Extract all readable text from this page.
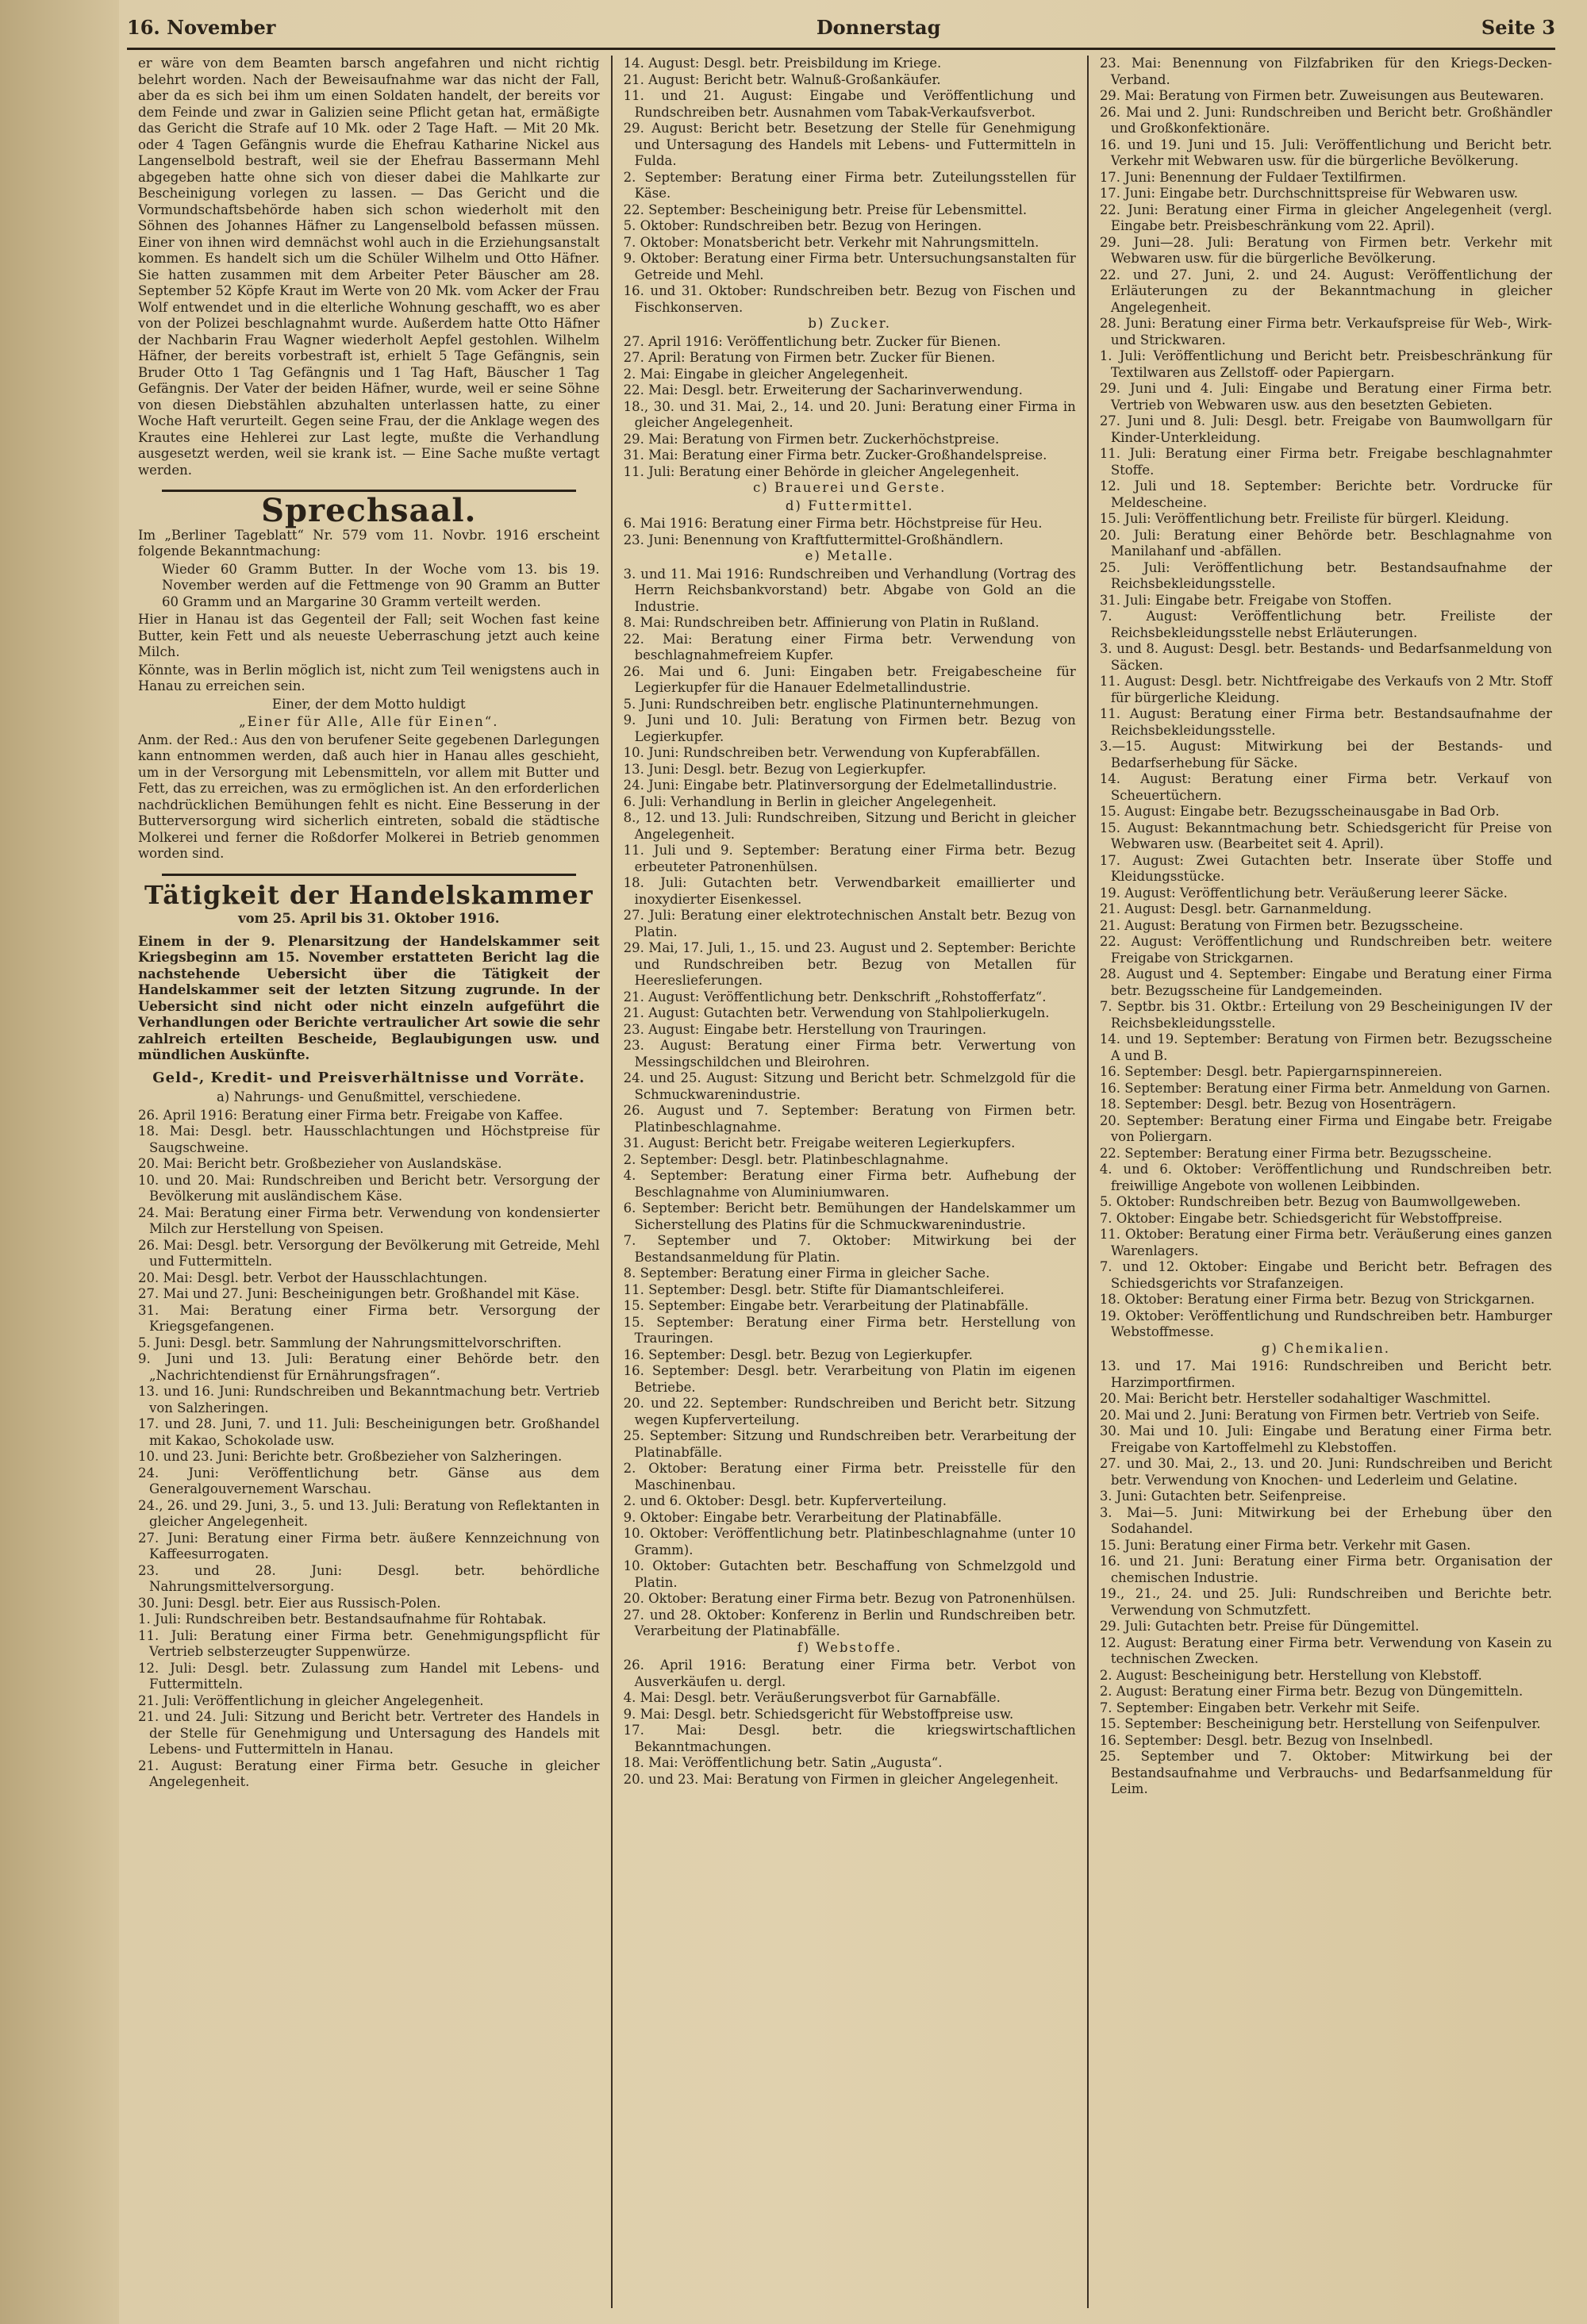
16. November	Donnerstag	Seite 3

er wäre von dem Beamten barsch angefahren und nicht richtig belehrt worden. Nach der Beweisaufnahme war das nicht der Fall, aber da es sich bei ihm um einen Soldaten handelt, der bereits vor dem Feinde und zwar in Galizien seine Pflicht getan hat, ermäßigte das Gericht die Strafe auf 10 Mk. oder 2 Tage Haft. — Mit 20 Mk. oder 4 Tagen Gefängnis wurde die Ehefrau Katharine Nickel aus Langenselbold bestraft, weil sie der Ehefrau Bassermann Mehl abgegeben hatte ohne sich von dieser dabei die Mahlkarte zur Bescheinigung vorlegen zu lassen. — Das Gericht und die Vormundschaftsbehörde haben sich schon wiederholt mit den Söhnen des Johannes Häfner zu Langenselbold befassen müssen. Einer von ihnen wird demnächst wohl auch in die Erziehungsanstalt kommen. Es handelt sich um die Schüler Wilhelm und Otto Häfner. Sie hatten zusammen mit dem Arbeiter Peter Bäuscher am 28. September 52 Köpfe Kraut im Werte von 20 Mk. vom Acker der Frau Wolf entwendet und in die elterliche Wohnung geschafft, wo es aber von der Polizei beschlagnahmt wurde. Außerdem hatte Otto Häfner der Nachbarin Frau Wagner wiederholt Aepfel gestohlen. Wilhelm Häfner, der bereits vorbestraft ist, erhielt 5 Tage Gefängnis, sein Bruder Otto 1 Tag Gefängnis und 1 Tag Haft, Bäuscher 1 Tag Gefängnis. Der Vater der beiden Häfner, wurde, weil er seine Söhne von diesen Diebstählen abzuhalten unterlassen hatte, zu einer Woche Haft verurteilt. Gegen seine Frau, der die Anklage wegen des Krautes eine Hehlerei zur Last legte, mußte die Verhandlung ausgesetzt werden, weil sie krank ist. — Eine Sache mußte vertagt werden.

Sprechsaal.

Im „Berliner Tageblatt“ Nr. 579 vom 11. Novbr. 1916 erscheint folgende Bekanntmachung:

Wieder 60 Gramm Butter. In der Woche vom 13. bis 19. November werden auf die Fettmenge von 90 Gramm an Butter 60 Gramm und an Margarine 30 Gramm verteilt werden.

Hier in Hanau ist das Gegenteil der Fall; seit Wochen fast keine Butter, kein Fett und als neueste Ueberraschung jetzt auch keine Milch.

Könnte, was in Berlin möglich ist, nicht zum Teil wenigstens auch in Hanau zu erreichen sein.

Einer, der dem Motto huldigt

„Einer für Alle, Alle für Einen“.

Anm. der Red.: Aus den von berufener Seite gegebenen Darlegungen kann entnommen werden, daß auch hier in Hanau alles geschieht, um in der Versorgung mit Lebensmitteln, vor allem mit Butter und Fett, das zu erreichen, was zu ermöglichen ist. An den erforderlichen nachdrücklichen Bemühungen fehlt es nicht. Eine Besserung in der Butterversorgung wird sicherlich eintreten, sobald die städtische Molkerei und ferner die Roßdorfer Molkerei in Betrieb genommen worden sind.

Tätigkeit der Handelskammer

vom 25. April bis 31. Oktober 1916.

Einem in der 9. Plenarsitzung der Handelskammer seit Kriegsbeginn am 15. November erstatteten Bericht lag die nachstehende Uebersicht über die Tätigkeit der Handelskammer seit der letzten Sitzung zugrunde. In der Uebersicht sind nicht oder nicht einzeln aufgeführt die Verhandlungen oder Berichte vertraulicher Art sowie die sehr zahlreich erteilten Bescheide, Beglaubigungen usw. und mündlichen Auskünfte.

Geld-, Kredit- und Preisverhältnisse und Vorräte.

a) Nahrungs- und Genußmittel, verschiedene.

26. April 1916: Beratung einer Firma betr. Freigabe von Kaffee.

18. Mai: Desgl. betr. Hausschlachtungen und Höchstpreise für Saugschweine.

20. Mai: Bericht betr. Großbezieher von Auslandskäse.

10. und 20. Mai: Rundschreiben und Bericht betr. Versorgung der Bevölkerung mit ausländischem Käse.

24. Mai: Beratung einer Firma betr. Verwendung von kondensierter Milch zur Herstellung von Speisen.

26. Mai: Desgl. betr. Versorgung der Bevölkerung mit Getreide, Mehl und Futtermitteln.

20. Mai: Desgl. betr. Verbot der Hausschlachtungen.

27. Mai und 27. Juni: Bescheinigungen betr. Großhandel mit Käse.

31. Mai: Beratung einer Firma betr. Versorgung der Kriegsgefangenen.

5. Juni: Desgl. betr. Sammlung der Nahrungsmittelvorschriften.

9. Juni und 13. Juli: Beratung einer Behörde betr. den „Nachrichtendienst für Ernährungsfragen“.

13. und 16. Juni: Rundschreiben und Bekanntmachung betr. Vertrieb von Salzheringen.

17. und 28. Juni, 7. und 11. Juli: Bescheinigungen betr. Großhandel mit Kakao, Schokolade usw.

10. und 23. Juni: Berichte betr. Großbezieher von Salzheringen.

24. Juni: Veröffentlichung betr. Gänse aus dem Generalgouvernement Warschau.

24., 26. und 29. Juni, 3., 5. und 13. Juli: Beratung von Reflektanten in gleicher Angelegenheit.

27. Juni: Beratung einer Firma betr. äußere Kennzeichnung von Kaffeesurrogaten.

23. und 28. Juni: Desgl. betr. behördliche Nahrungsmittelversorgung.

30. Juni: Desgl. betr. Eier aus Russisch-Polen.

1. Juli: Rundschreiben betr. Bestandsaufnahme für Rohtabak.

11. Juli: Beratung einer Firma betr. Genehmigungspflicht für Vertrieb selbsterzeugter Suppenwürze.

12. Juli: Desgl. betr. Zulassung zum Handel mit Lebens- und Futtermitteln.

21. Juli: Veröffentlichung in gleicher Angelegenheit.

21. und 24. Juli: Sitzung und Bericht betr. Vertreter des Handels in der Stelle für Genehmigung und Untersagung des Handels mit Lebens- und Futtermitteln in Hanau.

21. August: Beratung einer Firma betr. Gesuche in gleicher Angelegenheit.

14. August: Desgl. betr. Preisbildung im Kriege.

21. August: Bericht betr. Walnuß-Großankäufer.

11. und 21. August: Eingabe und Veröffentlichung und Rundschreiben betr. Ausnahmen vom Tabak-Verkaufsverbot.

29. August: Bericht betr. Besetzung der Stelle für Genehmigung und Untersagung des Handels mit Lebens- und Futtermitteln in Fulda.

2. September: Beratung einer Firma betr. Zuteilungsstellen für Käse.

22. September: Bescheinigung betr. Preise für Lebensmittel.

5. Oktober: Rundschreiben betr. Bezug von Heringen.

7. Oktober: Monatsbericht betr. Verkehr mit Nahrungsmitteln.

9. Oktober: Beratung einer Firma betr. Untersuchungsanstalten für Getreide und Mehl.

16. und 31. Oktober: Rundschreiben betr. Bezug von Fischen und Fischkonserven.

b) Zucker.

27. April 1916: Veröffentlichung betr. Zucker für Bienen.

27. April: Beratung von Firmen betr. Zucker für Bienen.

2. Mai: Eingabe in gleicher Angelegenheit.

22. Mai: Desgl. betr. Erweiterung der Sacharinverwendung.

18., 30. und 31. Mai, 2., 14. und 20. Juni: Beratung einer Firma in gleicher Angelegenheit.

29. Mai: Beratung von Firmen betr. Zuckerhöchstpreise.

31. Mai: Beratung einer Firma betr. Zucker-Großhandelspreise.

11. Juli: Beratung einer Behörde in gleicher Angelegenheit.

c) Brauerei und Gerste.

d) Futtermittel.

6. Mai 1916: Beratung einer Firma betr. Höchstpreise für Heu.

23. Juni: Benennung von Kraftfuttermittel-Großhändlern.

e) Metalle.

3. und 11. Mai 1916: Rundschreiben und Verhandlung (Vortrag des Herrn Reichsbankvorstand) betr. Abgabe von Gold an die Industrie.

8. Mai: Rundschreiben betr. Affinierung von Platin in Rußland.

22. Mai: Beratung einer Firma betr. Verwendung von beschlagnahmefreiem Kupfer.

26. Mai und 6. Juni: Eingaben betr. Freigabescheine für Legierkupfer für die Hanauer Edelmetallindustrie.

5. Juni: Rundschreiben betr. englische Platinunternehmungen.

9. Juni und 10. Juli: Beratung von Firmen betr. Bezug von Legierkupfer.

10. Juni: Rundschreiben betr. Verwendung von Kupferabfällen.

13. Juni: Desgl. betr. Bezug von Legierkupfer.

24. Juni: Eingabe betr. Platinversorgung der Edelmetallindustrie.

6. Juli: Verhandlung in Berlin in gleicher Angelegenheit.

8., 12. und 13. Juli: Rundschreiben, Sitzung und Bericht in gleicher Angelegenheit.

11. Juli und 9. September: Beratung einer Firma betr. Bezug erbeuteter Patronenhülsen.

18. Juli: Gutachten betr. Verwendbarkeit emaillierter und inoxydierter Eisenkessel.

27. Juli: Beratung einer elektrotechnischen Anstalt betr. Bezug von Platin.

29. Mai, 17. Juli, 1., 15. und 23. August und 2. September: Berichte und Rundschreiben betr. Bezug von Metallen für Heereslieferungen.

21. August: Veröffentlichung betr. Denkschrift „Rohstofferfatz“.

21. August: Gutachten betr. Verwendung von Stahlpolierkugeln.

23. August: Eingabe betr. Herstellung von Trauringen.

23. August: Beratung einer Firma betr. Verwertung von Messingschildchen und Bleirohren.

24. und 25. August: Sitzung und Bericht betr. Schmelzgold für die Schmuckwarenindustrie.

26. August und 7. September: Beratung von Firmen betr. Platinbeschlagnahme.

31. August: Bericht betr. Freigabe weiteren Legierkupfers.

2. September: Desgl. betr. Platinbeschlagnahme.

4. September: Beratung einer Firma betr. Aufhebung der Beschlagnahme von Aluminiumwaren.

6. September: Bericht betr. Bemühungen der Handelskammer um Sicherstellung des Platins für die Schmuckwarenindustrie.

7. September und 7. Oktober: Mitwirkung bei der Bestandsanmeldung für Platin.

8. September: Beratung einer Firma in gleicher Sache.

11. September: Desgl. betr. Stifte für Diamantschleiferei.

15. September: Eingabe betr. Verarbeitung der Platinabfälle.

15. September: Beratung einer Firma betr. Herstellung von Trauringen.

16. September: Desgl. betr. Bezug von Legierkupfer.

16. September: Desgl. betr. Verarbeitung von Platin im eigenen Betriebe.

20. und 22. September: Rundschreiben und Bericht betr. Sitzung wegen Kupferverteilung.

25. September: Sitzung und Rundschreiben betr. Verarbeitung der Platinabfälle.

2. Oktober: Beratung einer Firma betr. Preisstelle für den Maschinenbau.

2. und 6. Oktober: Desgl. betr. Kupferverteilung.

9. Oktober: Eingabe betr. Verarbeitung der Platinabfälle.

10. Oktober: Veröffentlichung betr. Platinbeschlagnahme (unter 10 Gramm).

10. Oktober: Gutachten betr. Beschaffung von Schmelzgold und Platin.

20. Oktober: Beratung einer Firma betr. Bezug von Patronenhülsen.

27. und 28. Oktober: Konferenz in Berlin und Rundschreiben betr. Verarbeitung der Platinabfälle.

f) Webstoffe.

26. April 1916: Beratung einer Firma betr. Verbot von Ausverkäufen u. dergl.

4. Mai: Desgl. betr. Veräußerungsverbot für Garnabfälle.

9. Mai: Desgl. betr. Schiedsgericht für Webstoffpreise usw.

17. Mai: Desgl. betr. die kriegswirtschaftlichen Bekanntmachungen.

18. Mai: Veröffentlichung betr. Satin „Augusta“.

20. und 23. Mai: Beratung von Firmen in gleicher Angelegenheit.

23. Mai: Benennung von Filzfabriken für den Kriegs-Decken-Verband.

29. Mai: Beratung von Firmen betr. Zuweisungen aus Beutewaren.

26. Mai und 2. Juni: Rundschreiben und Bericht betr. Großhändler und Großkonfektionäre.

16. und 19. Juni und 15. Juli: Veröffentlichung und Bericht betr. Verkehr mit Webwaren usw. für die bürgerliche Bevölkerung.

17. Juni: Benennung der Fuldaer Textilfirmen.

17. Juni: Eingabe betr. Durchschnittspreise für Webwaren usw.

22. Juni: Beratung einer Firma in gleicher Angelegenheit (vergl. Eingabe betr. Preisbeschränkung vom 22. April).

29. Juni—28. Juli: Beratung von Firmen betr. Verkehr mit Webwaren usw. für die bürgerliche Bevölkerung.

22. und 27. Juni, 2. und 24. August: Veröffentlichung der Erläuterungen zu der Bekanntmachung in gleicher Angelegenheit.

28. Juni: Beratung einer Firma betr. Verkaufspreise für Web-, Wirk- und Strickwaren.

1. Juli: Veröffentlichung und Bericht betr. Preisbeschränkung für Textilwaren aus Zellstoff- oder Papiergarn.

29. Juni und 4. Juli: Eingabe und Beratung einer Firma betr. Vertrieb von Webwaren usw. aus den besetzten Gebieten.

27. Juni und 8. Juli: Desgl. betr. Freigabe von Baumwollgarn für Kinder-Unterkleidung.

11. Juli: Beratung einer Firma betr. Freigabe beschlagnahmter Stoffe.

12. Juli und 18. September: Berichte betr. Vordrucke für Meldescheine.

15. Juli: Veröffentlichung betr. Freiliste für bürgerl. Kleidung.

20. Juli: Beratung einer Behörde betr. Beschlagnahme von Manilahanf und -abfällen.

25. Juli: Veröffentlichung betr. Bestandsaufnahme der Reichsbekleidungsstelle.

31. Juli: Eingabe betr. Freigabe von Stoffen.

7. August: Veröffentlichung betr. Freiliste der Reichsbekleidungsstelle nebst Erläuterungen.

3. und 8. August: Desgl. betr. Bestands- und Bedarfsanmeldung von Säcken.

11. August: Desgl. betr. Nichtfreigabe des Verkaufs von 2 Mtr. Stoff für bürgerliche Kleidung.

11. August: Beratung einer Firma betr. Bestandsaufnahme der Reichsbekleidungsstelle.

3.—15. August: Mitwirkung bei der Bestands- und Bedarfserhebung für Säcke.

14. August: Beratung einer Firma betr. Verkauf von Scheuertüchern.

15. August: Eingabe betr. Bezugsscheinausgabe in Bad Orb.

15. August: Bekanntmachung betr. Schiedsgericht für Preise von Webwaren usw. (Bearbeitet seit 4. April).

17. August: Zwei Gutachten betr. Inserate über Stoffe und Kleidungsstücke.

19. August: Veröffentlichung betr. Veräußerung leerer Säcke.

21. August: Desgl. betr. Garnanmeldung.

21. August: Beratung von Firmen betr. Bezugsscheine.

22. August: Veröffentlichung und Rundschreiben betr. weitere Freigabe von Strickgarnen.

28. August und 4. September: Eingabe und Beratung einer Firma betr. Bezugsscheine für Landgemeinden.

7. Septbr. bis 31. Oktbr.: Erteilung von 29 Bescheinigungen IV der Reichsbekleidungsstelle.

14. und 19. September: Beratung von Firmen betr. Bezugsscheine A und B.

16. September: Desgl. betr. Papiergarnspinnereien.

16. September: Beratung einer Firma betr. Anmeldung von Garnen.

18. September: Desgl. betr. Bezug von Hosenträgern.

20. September: Beratung einer Firma und Eingabe betr. Freigabe von Poliergarn.

22. September: Beratung einer Firma betr. Bezugsscheine.

4. und 6. Oktober: Veröffentlichung und Rundschreiben betr. freiwillige Angebote von wollenen Leibbinden.

5. Oktober: Rundschreiben betr. Bezug von Baumwollgeweben.

7. Oktober: Eingabe betr. Schiedsgericht für Webstoffpreise.

11. Oktober: Beratung einer Firma betr. Veräußerung eines ganzen Warenlagers.

7. und 12. Oktober: Eingabe und Bericht betr. Befragen des Schiedsgerichts vor Strafanzeigen.

18. Oktober: Beratung einer Firma betr. Bezug von Strickgarnen.

19. Oktober: Veröffentlichung und Rundschreiben betr. Hamburger Webstoffmesse.

g) Chemikalien.

13. und 17. Mai 1916: Rundschreiben und Bericht betr. Harzimportfirmen.

20. Mai: Bericht betr. Hersteller sodahaltiger Waschmittel.

20. Mai und 2. Juni: Beratung von Firmen betr. Vertrieb von Seife.

30. Mai und 10. Juli: Eingabe und Beratung einer Firma betr. Freigabe von Kartoffelmehl zu Klebstoffen.

27. und 30. Mai, 2., 13. und 20. Juni: Rundschreiben und Bericht betr. Verwendung von Knochen- und Lederleim und Gelatine.

3. Juni: Gutachten betr. Seifenpreise.

3. Mai—5. Juni: Mitwirkung bei der Erhebung über den Sodahandel.

15. Juni: Beratung einer Firma betr. Verkehr mit Gasen.

16. und 21. Juni: Beratung einer Firma betr. Organisation der chemischen Industrie.

19., 21., 24. und 25. Juli: Rundschreiben und Berichte betr. Verwendung von Schmutzfett.

29. Juli: Gutachten betr. Preise für Düngemittel.

12. August: Beratung einer Firma betr. Verwendung von Kasein zu technischen Zwecken.

2. August: Bescheinigung betr. Herstellung von Klebstoff.

2. August: Beratung einer Firma betr. Bezug von Düngemitteln.

7. September: Eingaben betr. Verkehr mit Seife.

15. September: Bescheinigung betr. Herstellung von Seifenpulver.

16. September: Desgl. betr. Bezug von Inselnbedl.

25. September und 7. Oktober: Mitwirkung bei der Bestandsaufnahme und Verbrauchs- und Bedarfsanmeldung für Leim.
